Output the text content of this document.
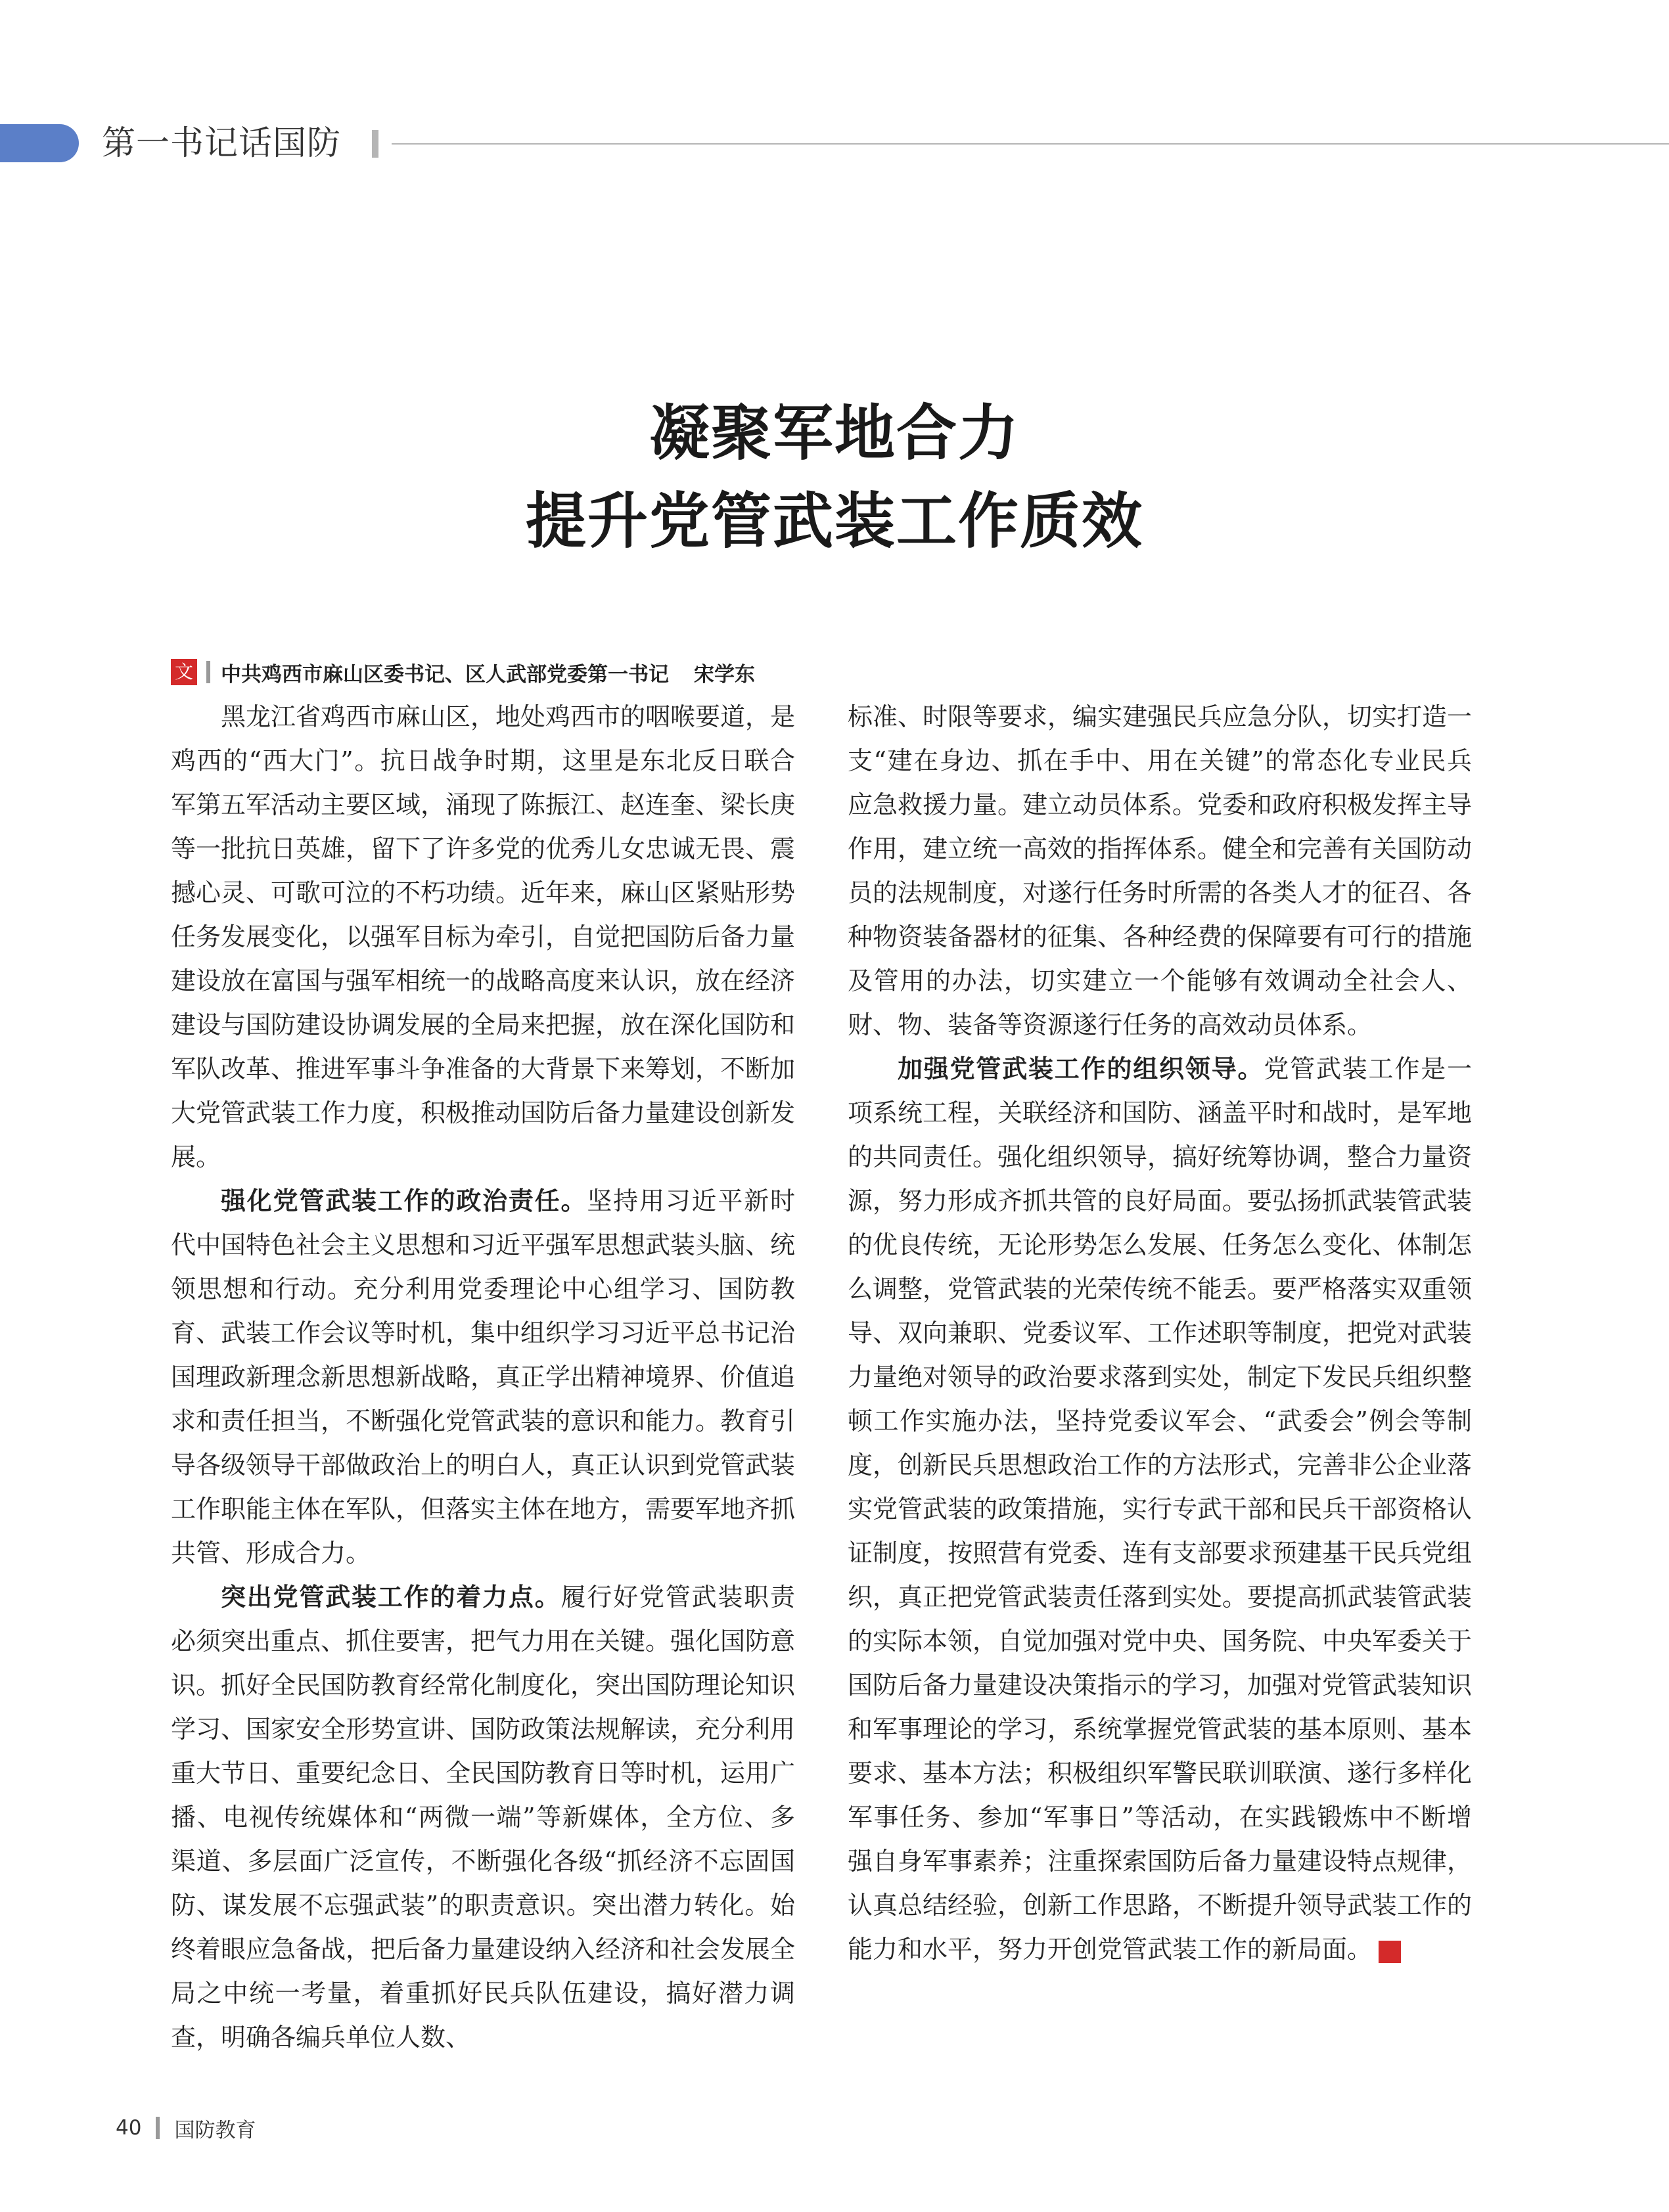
第一书记话国防
凝聚军地合力
提升党管武装工作质效
文 中共鸡西市麻山区委书记、区人武部党委第一书记 宋学东

黑龙江省鸡西市麻山区，地处鸡西市的咽喉要道，是鸡西的“西大门”。抗日战争时期，这里是东北反日联合军第五军活动主要区域，涌现了陈振江、赵连奎、梁长庚等一批抗日英雄，留下了许多党的优秀儿女忠诚无畏、震撼心灵、可歌可泣的不朽功绩。近年来，麻山区紧贴形势任务发展变化，以强军目标为牵引，自觉把国防后备力量建设放在富国与强军相统一的战略高度来认识，放在经济建设与国防建设协调发展的全局来把握，放在深化国防和军队改革、推进军事斗争准备的大背景下来筹划，不断加大党管武装工作力度，积极推动国防后备力量建设创新发展。

强化党管武装工作的政治责任。坚持用习近平新时代中国特色社会主义思想和习近平强军思想武装头脑、统领思想和行动。充分利用党委理论中心组学习、国防教育、武装工作会议等时机，集中组织学习习近平总书记治国理政新理念新思想新战略，真正学出精神境界、价值追求和责任担当，不断强化党管武装的意识和能力。教育引导各级领导干部做政治上的明白人，真正认识到党管武装工作职能主体在军队，但落实主体在地方，需要军地齐抓共管、形成合力。

突出党管武装工作的着力点。履行好党管武装职责必须突出重点、抓住要害，把气力用在关键。强化国防意识。抓好全民国防教育经常化制度化，突出国防理论知识学习、国家安全形势宣讲、国防政策法规解读，充分利用重大节日、重要纪念日、全民国防教育日等时机，运用广播、电视传统媒体和“两微一端”等新媒体，全方位、多渠道、多层面广泛宣传，不断强化各级“抓经济不忘固国防、谋发展不忘强武装”的职责意识。突出潜力转化。始终着眼应急备战，把后备力量建设纳入经济和社会发展全局之中统一考量，着重抓好民兵队伍建设，搞好潜力调查，明确各编兵单位人数、

标准、时限等要求，编实建强民兵应急分队，切实打造一支“建在身边、抓在手中、用在关键”的常态化专业民兵应急救援力量。建立动员体系。党委和政府积极发挥主导作用，建立统一高效的指挥体系。健全和完善有关国防动员的法规制度，对遂行任务时所需的各类人才的征召、各种物资装备器材的征集、各种经费的保障要有可行的措施及管用的办法，切实建立一个能够有效调动全社会人、财、物、装备等资源遂行任务的高效动员体系。

加强党管武装工作的组织领导。党管武装工作是一项系统工程，关联经济和国防、涵盖平时和战时，是军地的共同责任。强化组织领导，搞好统筹协调，整合力量资源，努力形成齐抓共管的良好局面。要弘扬抓武装管武装的优良传统，无论形势怎么发展、任务怎么变化、体制怎么调整，党管武装的光荣传统不能丢。要严格落实双重领导、双向兼职、党委议军、工作述职等制度，把党对武装力量绝对领导的政治要求落到实处，制定下发民兵组织整顿工作实施办法，坚持党委议军会、“武委会”例会等制度，创新民兵思想政治工作的方法形式，完善非公企业落实党管武装的政策措施，实行专武干部和民兵干部资格认证制度，按照营有党委、连有支部要求预建基干民兵党组织，真正把党管武装责任落到实处。要提高抓武装管武装的实际本领，自觉加强对党中央、国务院、中央军委关于国防后备力量建设决策指示的学习，加强对党管武装知识和军事理论的学习，系统掌握党管武装的基本原则、基本要求、基本方法；积极组织军警民联训联演、遂行多样化军事任务、参加“军事日”等活动，在实践锻炼中不断增强自身军事素养；注重探索国防后备力量建设特点规律，认真总结经验，创新工作思路，不断提升领导武装工作的能力和水平，努力开创党管武装工作的新局面。	G

40 国防教育
